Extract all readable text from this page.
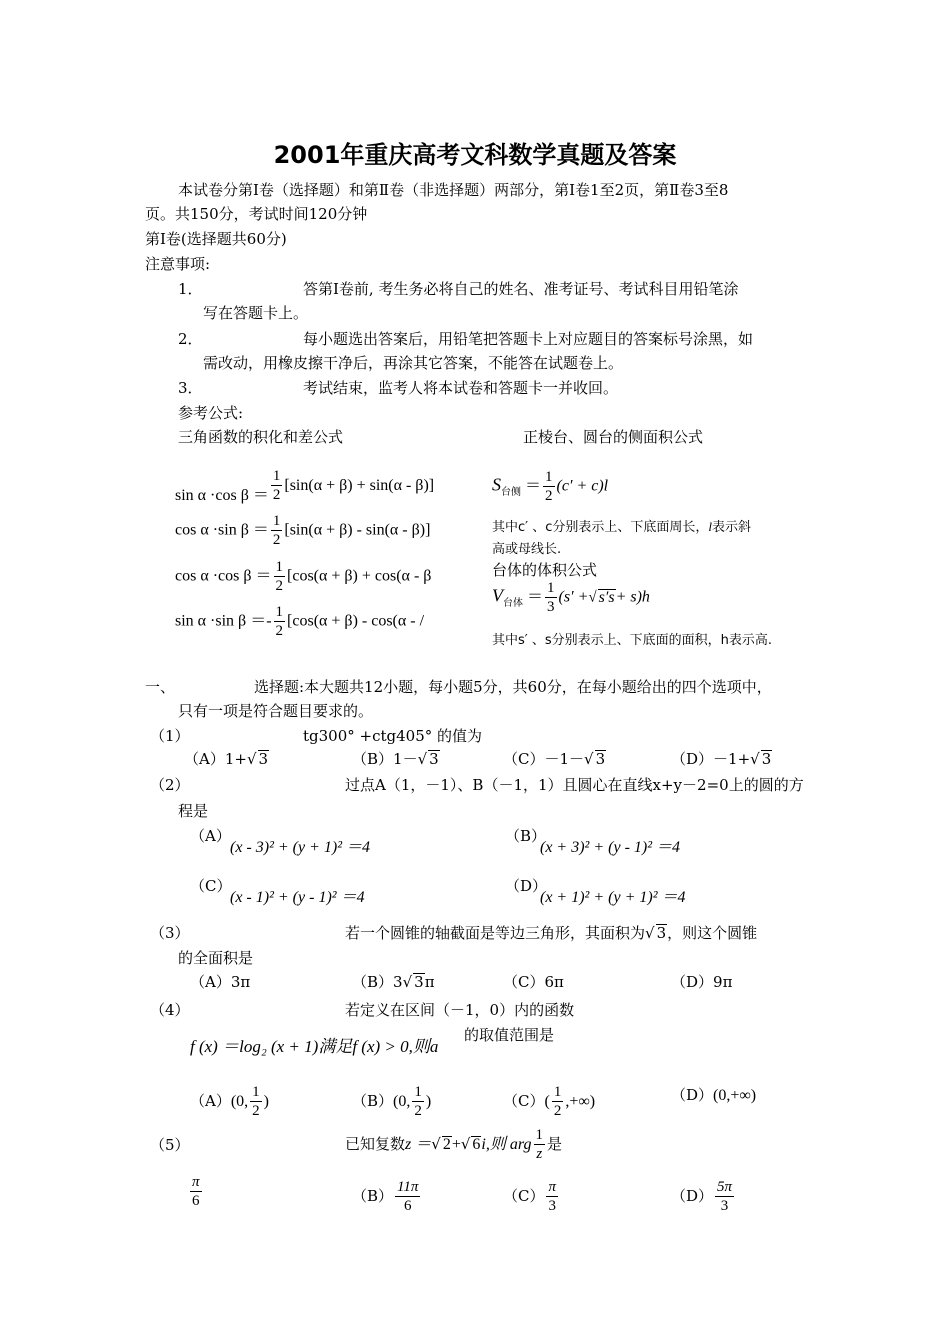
2001年重庆高考文科数学真题及答案
本试卷分第Ⅰ卷（选择题）和第Ⅱ卷（非选择题）两部分，第Ⅰ卷1至2页，第Ⅱ卷3至8
页。共150分，考试时间120分钟
第Ⅰ卷(选择题共60分)
注意事项:
1．	答第Ⅰ卷前, 考生务必将自己的姓名、准考证号、考试科目用铅笔涂
写在答题卡上。
2．	每小题选出答案后，用铅笔把答题卡上对应题目的答案标号涂黑，如
需改动，用橡皮擦干净后，再涂其它答案，不能答在试题卷上。
3．	考试结束，监考人将本试卷和答题卡一并收回。
参考公式:
三角函数的积化和差公式	正棱台、圆台的侧面积公式
sin α ·cos $\beta = \frac{1}{2} [\sin(\alpha + \beta) + \sin(\alpha - \beta)]$
cos α ·sin $\beta = \frac{1}{2} [\sin(\alpha + \beta) - \sin(\alpha - \beta)]$
cos α ·cos $\beta = \frac{1}{2} [\cos(\alpha + \beta) + \cos(\alpha - \beta$
sin α ·sin $\beta =- \frac{1}{2} [\cos(\alpha + \beta) - \cos(\alpha$ - /
$S_{台侧} = \frac{1}{2} (c' + c)l$
其中c′ 、c分别表示上、下底面周长，l表示斜
高或母线长.
台体的体积公式
$V_{台体} = \frac{1}{3} (s'$ +√ s′s+ s)h
其中s′ 、s分别表示上、下底面的面积，h表示高.
一、	选择题:本大题共12小题，每小题5分，共60分，在每小题给出的四个选项中，
只有一项是符合题目要求的。
（1）	tg300° +ctg405° 的值为
（A）1+√ 3	（B）1－√ 3	（C）－1－√ 3	（D）－1+√ 3
（2）	过点A（1，－1）、B（－1，1）且圆心在直线x+y－2=0上的圆的方
程是
（A）
(x - 3)² + (y + 1)² ＝4
（B）
(x + 3)² + (y - 1)² ＝4
（C）
(x - 1)² + (y - 1)² ＝4
（D）
(x + 1)² + (y + 1)² ＝4
（3）	若一个圆锥的轴截面是等边三角形，其面积为√ 3，则这个圆锥
的全面积是
（A）3π	（B）3√ 3π	（C）6π	（D）9π
（4）	若定义在区间（－1，0）内的函数
f (x) ＝log₂ (x + 1)满足f (x) > 0,则a
的取值范围是
（A）(0, $\frac{1}{2}$ )	（B）(0, $\frac{1}{2}$ )	$(C)( \frac{1}{2}$ ,+∞)	（D）(0,+∞)
（5）	已知复数z ＝√ 2+√ 6i,则 arg $\frac{1}{z}$ 是
$\frac{\pi}{6}$	$(B) \frac{11\pi}{6}$	$(C) \frac{\pi}{3}$	$(D) \frac{5\pi}{3}$
